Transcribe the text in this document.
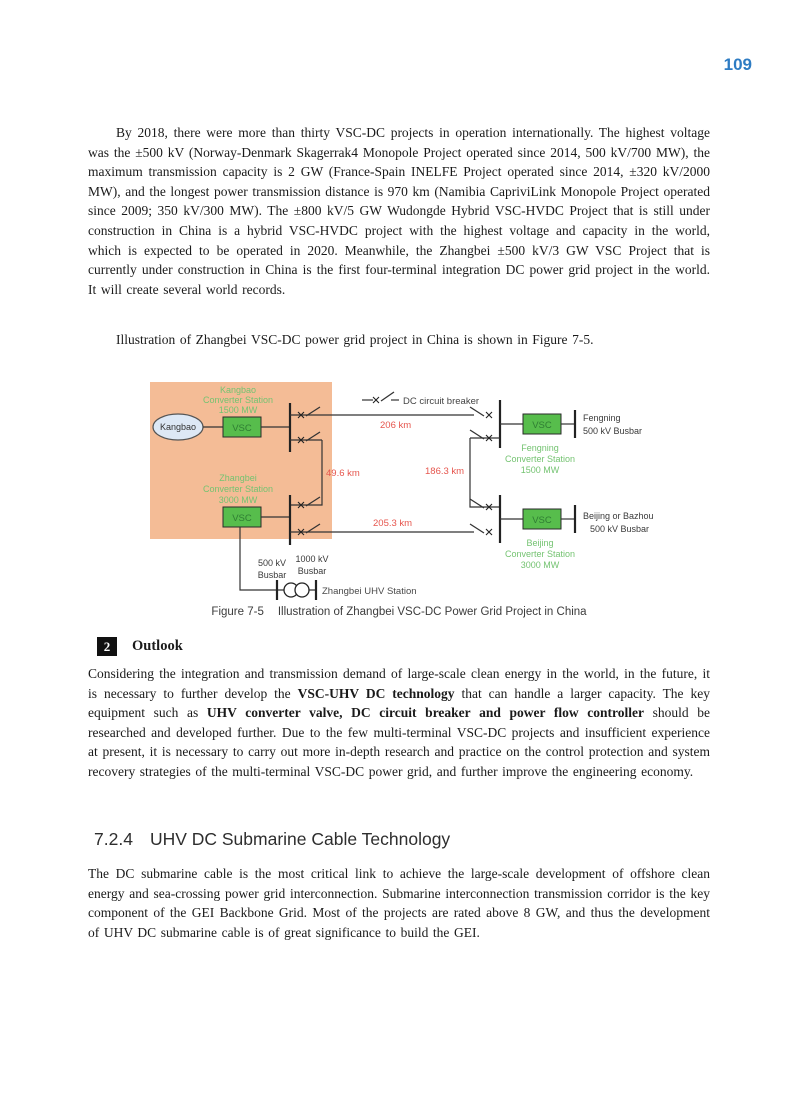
109

By 2018, there were more than thirty VSC-DC projects in operation internationally. The highest voltage was the ±500 kV (Norway-Denmark Skagerrak4 Monopole Project operated since 2014, 500 kV/700 MW), the maximum transmission capacity is 2 GW (France-Spain INELFE Project operated since 2014, ±320 kV/2000 MW), and the longest power transmission distance is 970 km (Namibia CapriviLink Monopole Project operated since 2009; 350 kV/300 MW). The ±800 kV/5 GW Wudongde Hybrid VSC-HVDC Project that is still under construction in China is a hybrid VSC-HVDC project with the highest voltage and capacity in the world, which is expected to be operated in 2020. Meanwhile, the Zhangbei ±500 kV/3 GW VSC Project that is currently under construction in China is the first four-terminal integration DC power grid project in the world. It will create several world records.

Illustration of Zhangbei VSC-DC power grid project in China is shown in Figure 7-5.

DC circuit breaker
Kangbao
Converter Station
1500 MW
Kangbao	VSC
Zhangbei
Converter Station
3000 MW
VSC
500 kV
Busbar
1000 kV
Busbar
Zhangbei UHV Station
VSC
Fengning
500 kV Busbar
Fengning
Converter Station
1500 MW
VSC	Beijing or Bazhou
500 kV Busbar
Beijing
Converter Station
3000 MW
206 km
49.6 km	186.3 km
205.3 km
Figure 7-5 Illustration of Zhangbei VSC-DC Power Grid Project in China
2 Outlook

Considering the integration and transmission demand of large-scale clean energy in the world, in the future, it is necessary to further develop the VSC-UHV DC technology that can handle a larger capacity. The key equipment such as UHV converter valve, DC circuit breaker and power flow controller should be researched and developed further. Due to the few multi-terminal VSC-DC projects and insufficient experience at present, it is necessary to carry out more in-depth research and practice on the control protection and system recovery strategies of the multi-terminal VSC-DC power grid, and further improve the engineering economy.

7.2.4 UHV DC Submarine Cable Technology

The DC submarine cable is the most critical link to achieve the large-scale development of offshore clean energy and sea-crossing power grid interconnection. Submarine interconnection transmission corridor is the key component of the GEI Backbone Grid. Most of the projects are rated above 8 GW, and thus the development of UHV DC submarine cable is of great significance to build the GEI.
